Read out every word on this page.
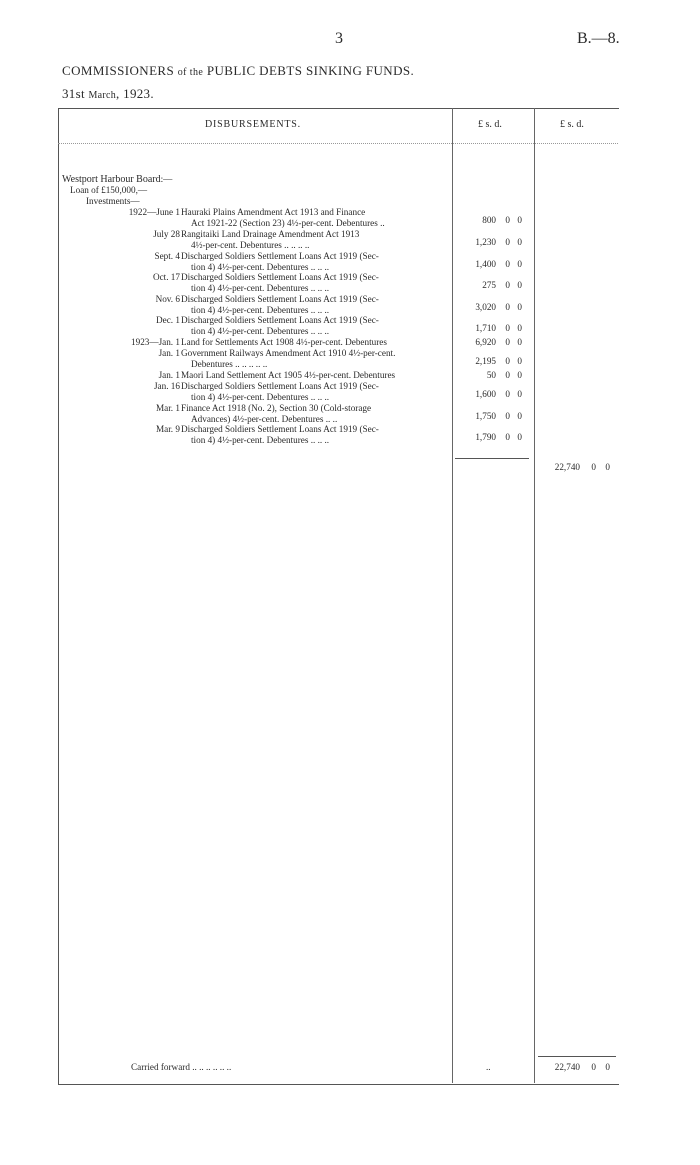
3	B.—8.
COMMISSIONERS of the PUBLIC DEBTS SINKING FUNDS.
31st March, 1923.
DISBURSEMENTS.	£ s. d.	£ s. d.
Westport Harbour Board:—
Loan of £150,000,—
Investments—
1922—June 1 Hauraki Plains Amendment Act 1913 and Finance
Act 1921-22 (Section 23) 4½-per-cent. Debentures ..	800 0 0
July 28 Rangitaiki Land Drainage Amendment Act 1913
4½-per-cent. Debentures .. .. .. ..	1,230 0 0
Sept. 4 Discharged Soldiers Settlement Loans Act 1919 (Sec-
tion 4) 4½-per-cent. Debentures .. .. ..	1,400 0 0
Oct. 17 Discharged Soldiers Settlement Loans Act 1919 (Sec-
tion 4) 4½-per-cent. Debentures .. .. ..	275 0 0
Nov. 6 Discharged Soldiers Settlement Loans Act 1919 (Sec-
tion 4) 4½-per-cent. Debentures .. .. ..	3,020 0 0
Dec. 1 Discharged Soldiers Settlement Loans Act 1919 (Sec-
tion 4) 4½-per-cent. Debentures .. .. ..	1,710 0 0
1923—Jan. 1 Land for Settlements Act 1908 4½-per-cent. Debentures	6,920 0 0
Jan. 1 Government Railways Amendment Act 1910 4½-per-cent.
Debentures .. .. .. .. ..	2,195 0 0
Jan. 1 Maori Land Settlement Act 1905 4½-per-cent. Debentures	50 0 0
Jan. 16 Discharged Soldiers Settlement Loans Act 1919 (Sec-
tion 4) 4½-per-cent. Debentures .. .. ..	1,600 0 0
Mar. 1 Finance Act 1918 (No. 2), Section 30 (Cold-storage
Advances) 4½-per-cent. Debentures .. ..	1,750 0 0
Mar. 9 Discharged Soldiers Settlement Loans Act 1919 (Sec-
tion 4) 4½-per-cent. Debentures .. .. ..	1,790 0 0
22,740 0 0
Carried forward .. .. .. .. .. ..	..	22,740 0 0
